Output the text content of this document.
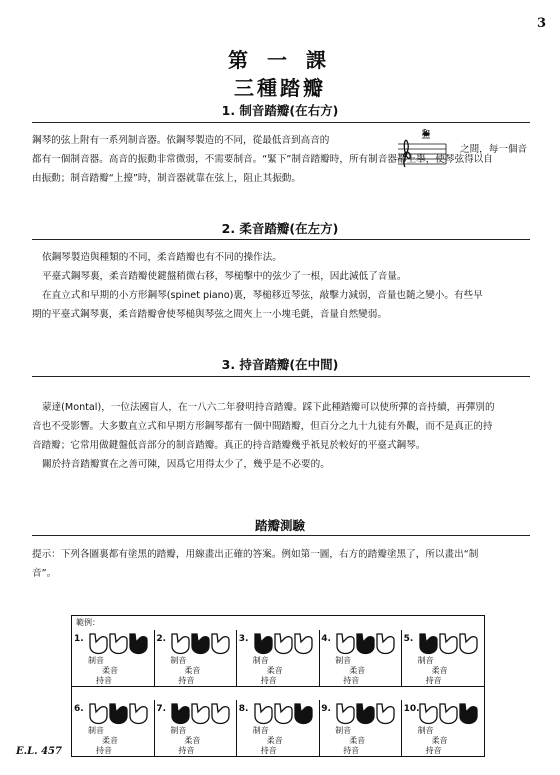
3
第 一 課
三種踏瓣
1. 制音踏瓣(在右方)

鋼琴的弦上附有一系列制音器。依鋼琴製造的不同，從最低音到高音的

之間，每一個音
和

都有一個制音器。高音的振動非常微弱，不需要制音。“緊下”制音踏瓣時，所有制音器都上舉，使琴弦得以自

由振動；制音踏瓣“上擡”時，制音器就靠在弦上，阻止其振動。

2. 柔音踏瓣(在左方)

依鋼琴製造與種類的不同，柔音踏瓣也有不同的操作法。

平臺式鋼琴裏，柔音踏瓣使鍵盤稍微右移，琴槌擊中的弦少了一根，因此減低了音量。

在直立式和早期的小方形鋼琴(spinet piano)裏，琴槌移近琴弦，敲擊力減弱，音量也隨之變小。有些早

期的平臺式鋼琴裏，柔音踏瓣會使琴槌與琴弦之間夾上一小塊毛氈，音量自然變弱。

3. 持音踏瓣(在中間)

蒙達(Montal)，一位法國盲人，在一八六二年發明持音踏瓣。踩下此種踏瓣可以使所彈的音持續，再彈別的

音也不受影響。大多數直立式和早期方形鋼琴都有一個中間踏瓣，但百分之九十九徒有外觀，而不是真正的持

音踏瓣；它常用做鍵盤低音部分的制音踏瓣。真正的持音踏瓣幾乎祇見於較好的平臺式鋼琴。

關於持音踏瓣實在之善可陳，因爲它用得太少了，幾乎是不必要的。

踏瓣測驗

提示：下列各圖裏都有塗黑的踏瓣，用線畫出正確的答案。例如第一圖，右方的踏瓣塗黑了，所以畫出“制

音”。

範例：
1.
制音
柔音
持音
2.
制音
柔音
持音
3.
制音
柔音
持音
4.
制音
柔音
持音
5.
制音
柔音
持音
6.
制音
柔音
持音
7.
制音
柔音
持音
8.
制音
柔音
持音
9.
制音
柔音
持音
10.
制音
柔音
持音
E.L. 457
